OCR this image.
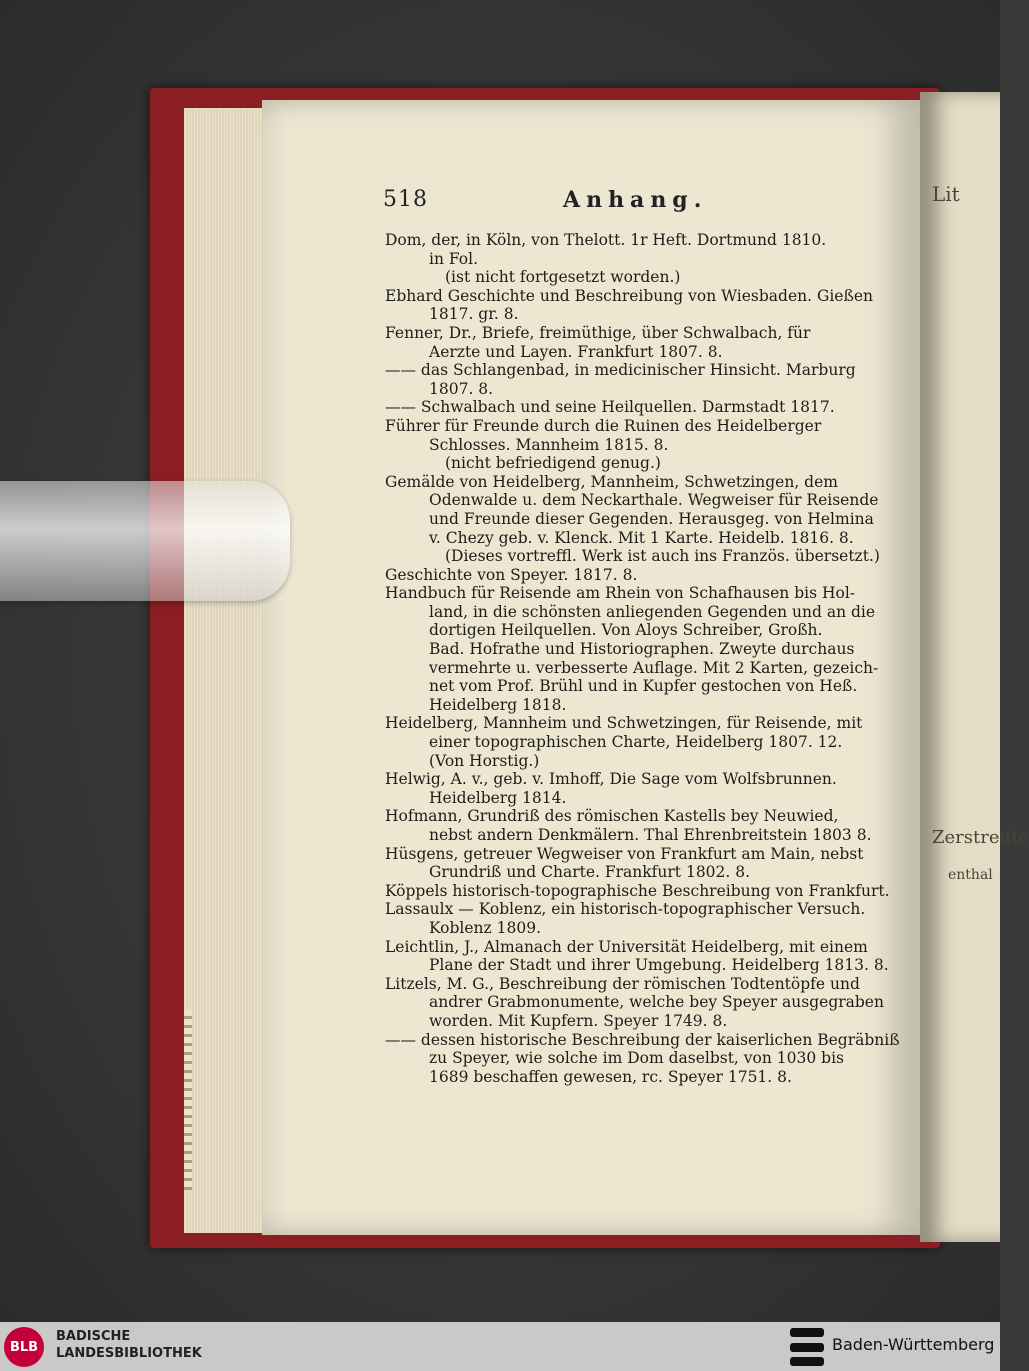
Lit
Zerstreute
enthal
518	Anhang.
Dom, der, in Köln, von Thelott. 1r Heft. Dortmund 1810.
in Fol.
(ist nicht fortgesetzt worden.)
Ebhard Geschichte und Beschreibung von Wiesbaden. Gießen
1817. gr. 8.
Fenner, Dr., Briefe, freimüthige, über Schwalbach, für
Aerzte und Layen. Frankfurt 1807. 8.
—— das Schlangenbad, in medicinischer Hinsicht. Marburg
1807. 8.
—— Schwalbach und seine Heilquellen. Darmstadt 1817.
Führer für Freunde durch die Ruinen des Heidelberger
Schlosses. Mannheim 1815. 8.
(nicht befriedigend genug.)
Gemälde von Heidelberg, Mannheim, Schwetzingen, dem
Odenwalde u. dem Neckarthale. Wegweiser für Reisende
und Freunde dieser Gegenden. Herausgeg. von Helmina
v. Chezy geb. v. Klenck. Mit 1 Karte. Heidelb. 1816. 8.
(Dieses vortreffl. Werk ist auch ins Französ. übersetzt.)
Geschichte von Speyer. 1817. 8.
Handbuch für Reisende am Rhein von Schafhausen bis Hol-
land, in die schönsten anliegenden Gegenden und an die
dortigen Heilquellen. Von Aloys Schreiber, Großh.
Bad. Hofrathe und Historiographen. Zweyte durchaus
vermehrte u. verbesserte Auflage. Mit 2 Karten, gezeich-
net vom Prof. Brühl und in Kupfer gestochen von Heß.
Heidelberg 1818.
Heidelberg, Mannheim und Schwetzingen, für Reisende, mit
einer topographischen Charte, Heidelberg 1807. 12.
(Von Horstig.)
Helwig, A. v., geb. v. Imhoff, Die Sage vom Wolfsbrunnen.
Heidelberg 1814.
Hofmann, Grundriß des römischen Kastells bey Neuwied,
nebst andern Denkmälern. Thal Ehrenbreitstein 1803 8.
Hüsgens, getreuer Wegweiser von Frankfurt am Main, nebst
Grundriß und Charte. Frankfurt 1802. 8.
Köppels historisch-topographische Beschreibung von Frankfurt.
Lassaulx — Koblenz, ein historisch-topographischer Versuch.
Koblenz 1809.
Leichtlin, J., Almanach der Universität Heidelberg, mit einem
Plane der Stadt und ihrer Umgebung. Heidelberg 1813. 8.
Litzels, M. G., Beschreibung der römischen Todtentöpfe und
andrer Grabmonumente, welche bey Speyer ausgegraben
worden. Mit Kupfern. Speyer 1749. 8.
—— dessen historische Beschreibung der kaiserlichen Begräbniß
zu Speyer, wie solche im Dom daselbst, von 1030 bis
1689 beschaffen gewesen, rc. Speyer 1751. 8.
BLB
BADISCHE
LANDESBIBLIOTHEK	Baden-Württemberg
